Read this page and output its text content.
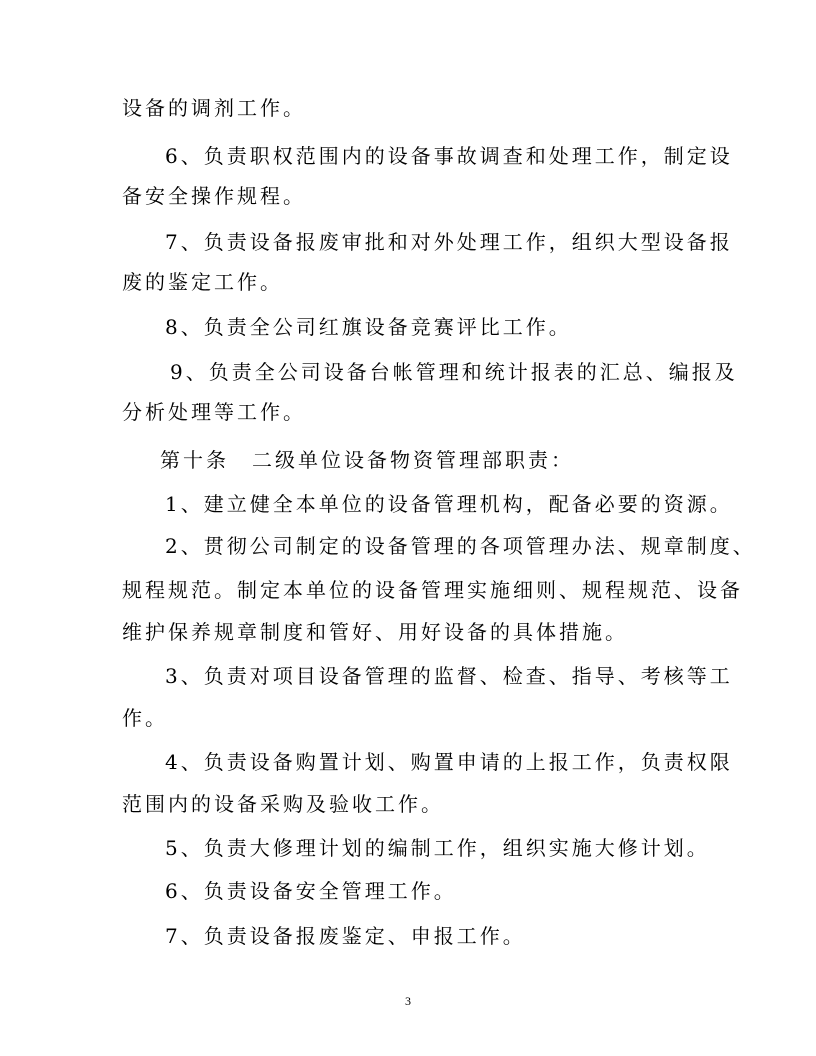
设备的调剂工作。
6、负责职权范围内的设备事故调查和处理工作，制定设
备安全操作规程。
7、负责设备报废审批和对外处理工作，组织大型设备报
废的鉴定工作。
8、负责全公司红旗设备竞赛评比工作。
9、负责全公司设备台帐管理和统计报表的汇总、编报及
分析处理等工作。
第十条　二级单位设备物资管理部职责：
1、建立健全本单位的设备管理机构，配备必要的资源。
2、贯彻公司制定的设备管理的各项管理办法、规章制度、
规程规范。制定本单位的设备管理实施细则、规程规范、设备
维护保养规章制度和管好、用好设备的具体措施。
3、负责对项目设备管理的监督、检查、指导、考核等工
作。
4、负责设备购置计划、购置申请的上报工作，负责权限
范围内的设备采购及验收工作。
5、负责大修理计划的编制工作，组织实施大修计划。
6、负责设备安全管理工作。
7、负责设备报废鉴定、申报工作。
3
